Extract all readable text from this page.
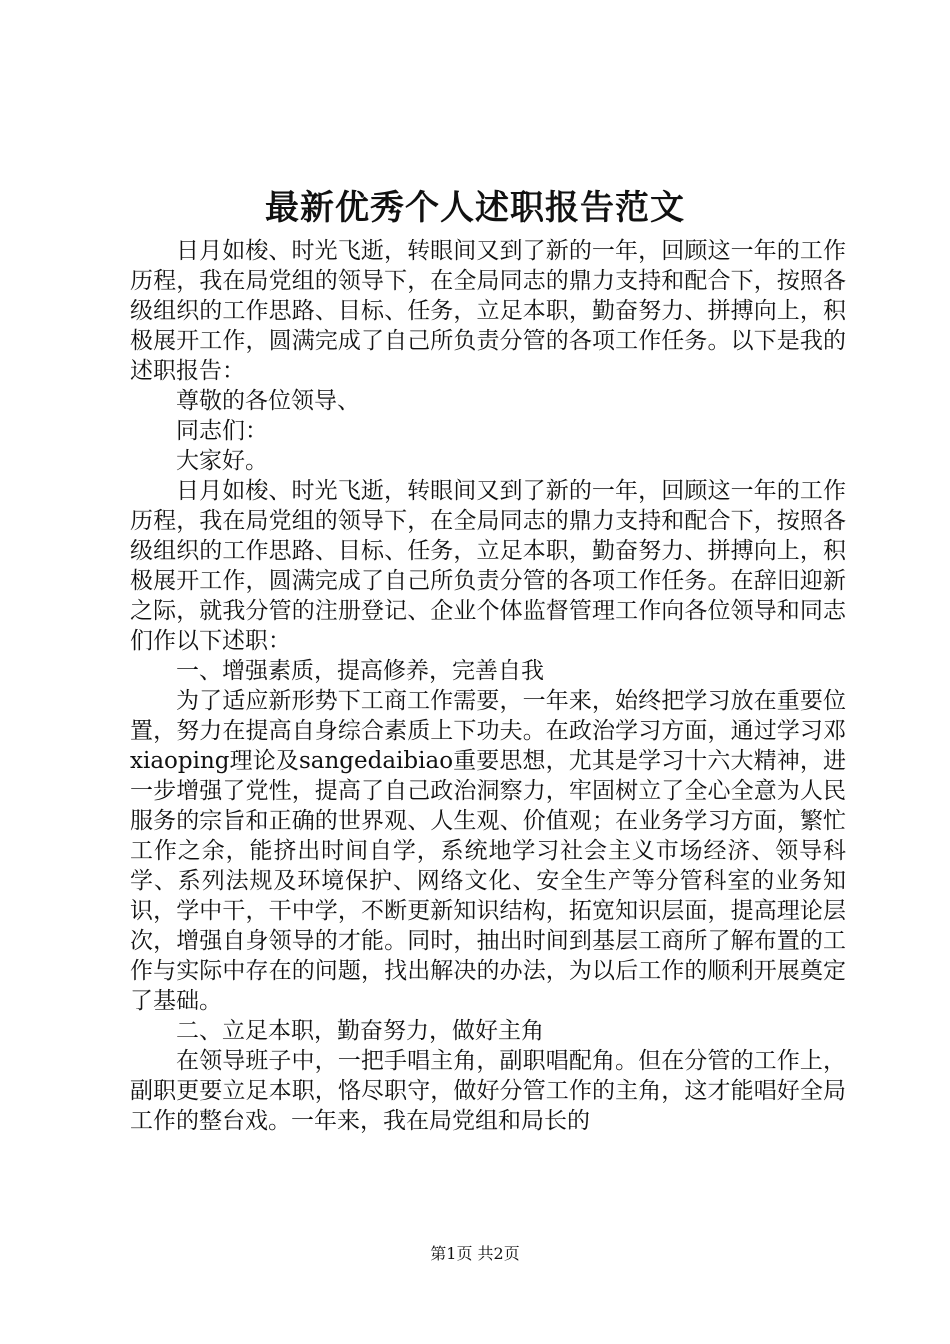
最新优秀个人述职报告范文

日月如梭、时光飞逝，转眼间又到了新的一年，回顾这一年的工作历程，我在局党组的领导下，在全局同志的鼎力支持和配合下，按照各级组织的工作思路、目标、任务，立足本职，勤奋努力、拼搏向上，积极展开工作，圆满完成了自己所负责分管的各项工作任务。以下是我的述职报告：

尊敬的各位领导、

同志们：

大家好。

日月如梭、时光飞逝，转眼间又到了新的一年，回顾这一年的工作历程，我在局党组的领导下，在全局同志的鼎力支持和配合下，按照各级组织的工作思路、目标、任务，立足本职，勤奋努力、拼搏向上，积极展开工作，圆满完成了自己所负责分管的各项工作任务。在辞旧迎新之际，就我分管的注册登记、企业个体监督管理工作向各位领导和同志们作以下述职：

一、增强素质，提高修养，完善自我

为了适应新形势下工商工作需要，一年来，始终把学习放在重要位置，努力在提高自身综合素质上下功夫。在政治学习方面，通过学习邓xiaoping理论及sangedaibiao重要思想，尤其是学习十六大精神，进一步增强了党性，提高了自己政治洞察力，牢固树立了全心全意为人民服务的宗旨和正确的世界观、人生观、价值观；在业务学习方面，繁忙工作之余，能挤出时间自学，系统地学习社会主义市场经济、领导科学、系列法规及环境保护、网络文化、安全生产等分管科室的业务知识，学中干，干中学，不断更新知识结构，拓宽知识层面，提高理论层次，增强自身领导的才能。同时，抽出时间到基层工商所了解布置的工作与实际中存在的问题，找出解决的办法，为以后工作的顺利开展奠定了基础。

二、立足本职，勤奋努力，做好主角

在领导班子中，一把手唱主角，副职唱配角。但在分管的工作上，副职更要立足本职，恪尽职守，做好分管工作的主角，这才能唱好全局工作的整台戏。一年来，我在局党组和局长的

第1页 共2页
